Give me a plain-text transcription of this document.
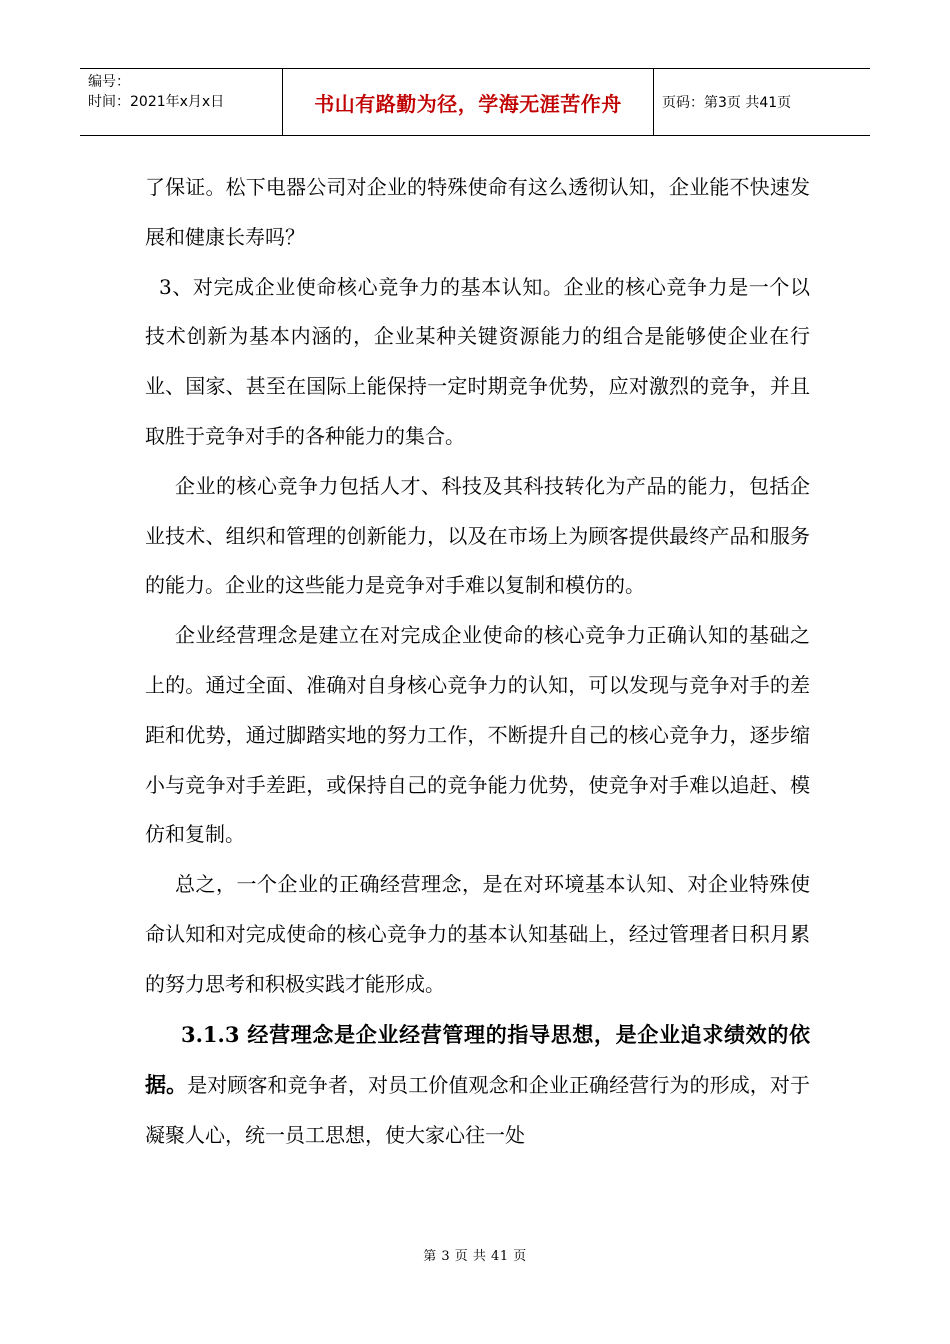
编号：
时间：2021年x月x日	书山有路勤为径，学海无涯苦作舟	页码：第3页 共41页

了保证。松下电器公司对企业的特殊使命有这么透彻认知，企业能不快速发展和健康长寿吗？

3、对完成企业使命核心竞争力的基本认知。企业的核心竞争力是一个以技术创新为基本内涵的，企业某种关键资源能力的组合是能够使企业在行业、国家、甚至在国际上能保持一定时期竞争优势，应对激烈的竞争，并且取胜于竞争对手的各种能力的集合。

企业的核心竞争力包括人才、科技及其科技转化为产品的能力，包括企业技术、组织和管理的创新能力，以及在市场上为顾客提供最终产品和服务的能力。企业的这些能力是竞争对手难以复制和模仿的。

企业经营理念是建立在对完成企业使命的核心竞争力正确认知的基础之上的。通过全面、准确对自身核心竞争力的认知，可以发现与竞争对手的差距和优势，通过脚踏实地的努力工作，不断提升自己的核心竞争力，逐步缩小与竞争对手差距，或保持自己的竞争能力优势，使竞争对手难以追赶、模仿和复制。

总之，一个企业的正确经营理念，是在对环境基本认知、对企业特殊使命认知和对完成使命的核心竞争力的基本认知基础上，经过管理者日积月累的努力思考和积极实践才能形成。

3.1.3 经营理念是企业经营管理的指导思想，是企业追求绩效的依据。是对顾客和竞争者，对员工价值观念和企业正确经营行为的形成，对于凝聚人心，统一员工思想，使大家心往一处

第 3 页 共 41 页
